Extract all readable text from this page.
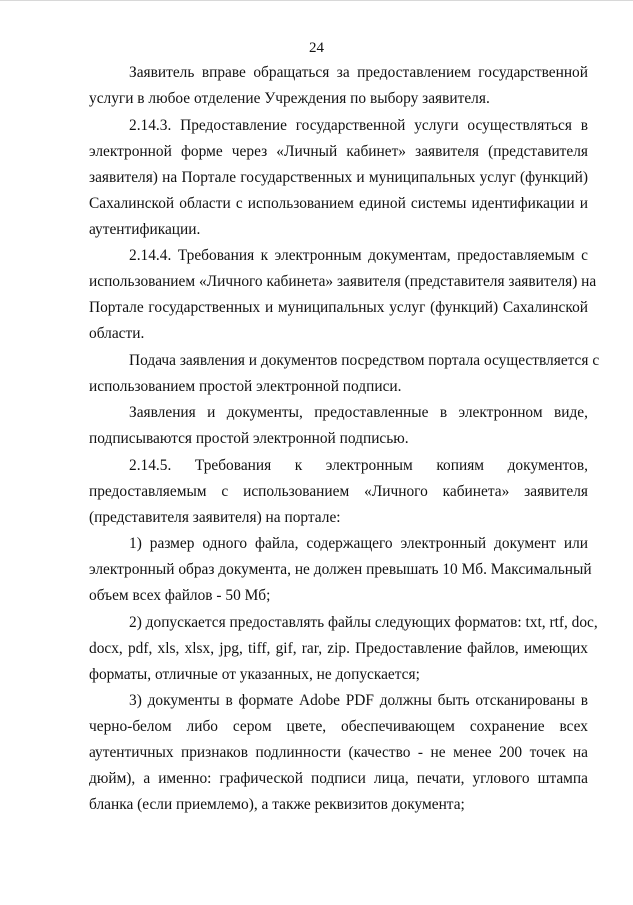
24
Заявитель вправе обращаться за предоставлением государственной
услуги в любое отделение Учреждения по выбору заявителя.
2.14.3. Предоставление государственной услуги осуществляться в
электронной форме через «Личный кабинет» заявителя (представителя
заявителя) на Портале государственных и муниципальных услуг (функций)
Сахалинской области с использованием единой системы идентификации и
аутентификации.
2.14.4. Требования к электронным документам, предоставляемым с
использованием «Личного кабинета» заявителя (представителя заявителя) на
Портале государственных и муниципальных услуг (функций) Сахалинской
области.
Подача заявления и документов посредством портала осуществляется с
использованием простой электронной подписи.
Заявления и документы, предоставленные в электронном виде,
подписываются простой электронной подписью.
2.14.5. Требования к электронным копиям документов,
предоставляемым с использованием «Личного кабинета» заявителя
(представителя заявителя) на портале:
1) размер одного файла, содержащего электронный документ или
электронный образ документа, не должен превышать 10 Мб. Максимальный
объем всех файлов - 50 Мб;
2) допускается предоставлять файлы следующих форматов: txt, rtf, doc,
docx, pdf, xls, xlsx, jpg, tiff, gif, rar, zip. Предоставление файлов, имеющих
форматы, отличные от указанных, не допускается;
3) документы в формате Adobe PDF должны быть отсканированы в
черно-белом либо сером цвете, обеспечивающем сохранение всех
аутентичных признаков подлинности (качество - не менее 200 точек на
дюйм), а именно: графической подписи лица, печати, углового штампа
бланка (если приемлемо), а также реквизитов документа;
